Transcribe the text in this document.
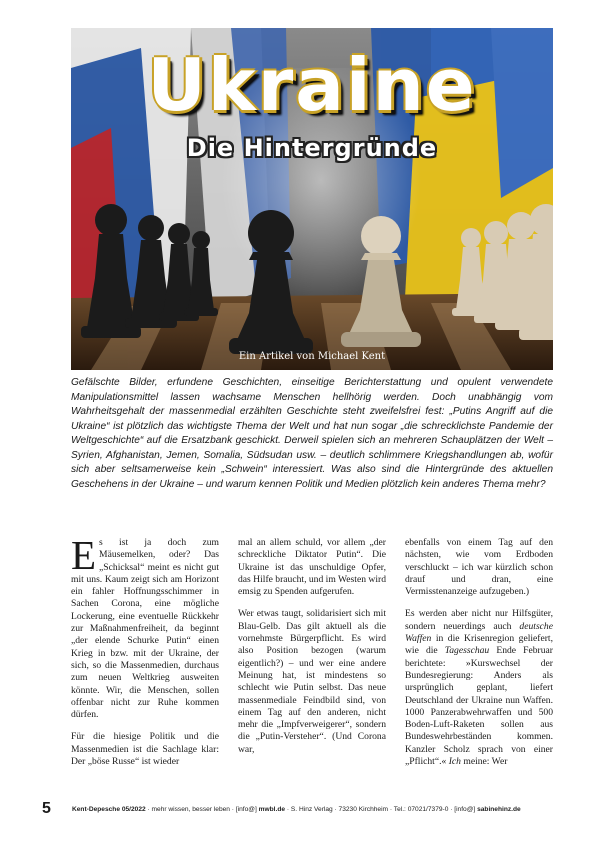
Ukraine
Die Hintergründe
Ein Artikel von Michael Kent
Gefälschte Bilder, erfundene Geschichten, einseitige Berichterstattung und opulent verwendete Manipulationsmittel lassen wachsame Menschen hellhörig werden. Doch unabhängig vom Wahrheitsgehalt der massenmedial erzählten Geschichte steht zweifelsfrei fest: „Putins Angriff auf die Ukraine“ ist plötzlich das wichtigste Thema der Welt und hat nun sogar „die schrecklichste Pandemie der Weltgeschichte“ auf die Ersatzbank geschickt. Derweil spielen sich an mehreren Schauplätzen der Welt – Syrien, Afghanistan, Jemen, Somalia, Südsudan usw. – deutlich schlimmere Kriegshandlungen ab, wofür sich aber seltsamerweise kein „Schwein“ interessiert. Was also sind die Hintergründe des aktuellen Geschehens in der Ukraine – und warum kennen Politik und Medien plötzlich kein anderes Thema mehr?

Es ist ja doch zum Mäusemelken, oder? Das „Schicksal“ meint es nicht gut mit uns. Kaum zeigt sich am Horizont ein fahler Hoffnungsschimmer in Sachen Corona, eine mögliche Lockerung, eine eventuelle Rückkehr zur Maßnahmenfreiheit, da beginnt „der elende Schurke Putin“ einen Krieg in bzw. mit der Ukraine, der sich, so die Massenmedien, durchaus zum neuen Weltkrieg ausweiten könnte. Wir, die Menschen, sollen offenbar nicht zur Ruhe kommen dürfen.

Für die hiesige Politik und die Massenmedien ist die Sachlage klar: Der „böse Russe“ ist wieder

mal an allem schuld, vor allem „der schreckliche Diktator Putin“. Die Ukraine ist das unschuldige Opfer, das Hilfe braucht, und im Westen wird emsig zu Spenden aufgerufen.

Wer etwas taugt, solidarisiert sich mit Blau-Gelb. Das gilt aktuell als die vornehmste Bürgerpflicht. Es wird also Position bezogen (warum eigentlich?) – und wer eine andere Meinung hat, ist mindestens so schlecht wie Putin selbst. Das neue massenmediale Feindbild sind, von einem Tag auf den anderen, nicht mehr die „Impfverweigerer“, sondern die „Putin-Versteher“. (Und Corona war,

ebenfalls von einem Tag auf den nächsten, wie vom Erdboden verschluckt – ich war kürzlich schon drauf und dran, eine Vermisstenanzeige aufzugeben.)

Es werden aber nicht nur Hilfsgüter, sondern neuerdings auch deutsche Waffen in die Krisenregion geliefert, wie die Tagesschau Ende Februar berichtete: »Kurswechsel der Bundesregierung: Anders als ursprünglich geplant, liefert Deutschland der Ukraine nun Waffen. 1000 Panzerabwehrwaffen und 500 Boden-Luft-Raketen sollen aus Bundeswehrbeständen kommen. Kanzler Scholz sprach von einer „Pflicht“.« Ich meine: Wer

5	Kent-Depesche 05/2022 · mehr wissen, besser leben · [info@] mwbl.de · S. Hinz Verlag · 73230 Kirchheim · Tel.: 07021/7379-0 · [info@] sabinehinz.de
